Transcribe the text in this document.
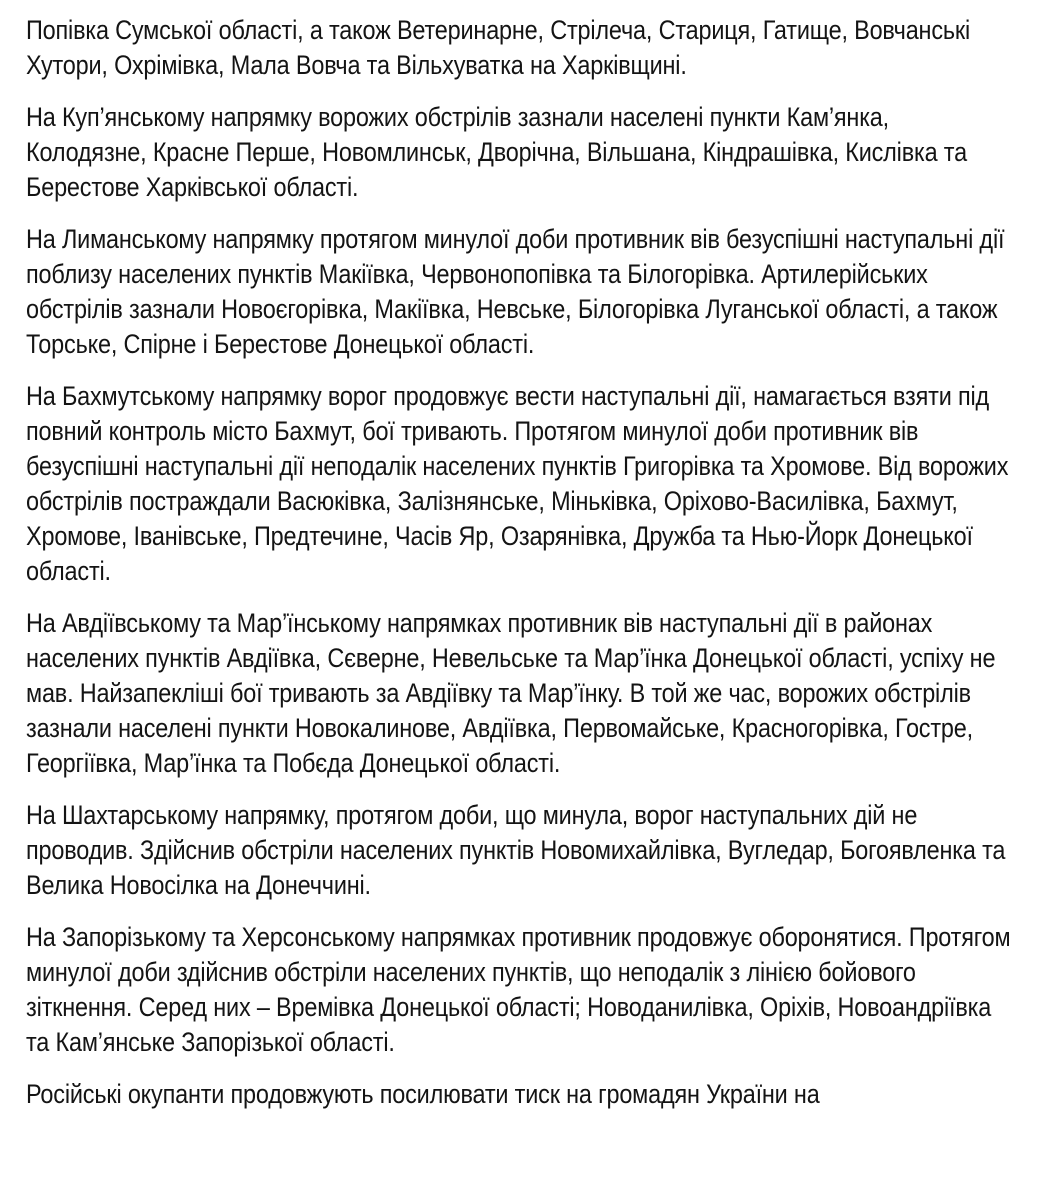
Попівка Сумської області, а також Ветеринарне, Стрілеча, Стариця, Гатище, Вовчанські Хутори, Охрімівка, Мала Вовча та Вільхуватка на Харківщині.

На Куп’янському напрямку ворожих обстрілів зазнали населені пункти Кам’янка, Колодязне, Красне Перше, Новомлинськ, Дворічна, Вільшана, Кіндрашівка, Кислівка та Берестове Харківської області.

На Лиманському напрямку протягом минулої доби противник вів безуспішні наступальні дії поблизу населених пунктів Макіївка, Червонопопівка та Білогорівка. Артилерійських обстрілів зазнали Новоєгорівка, Макіївка, Невське, Білогорівка Луганської області, а також Торське, Спірне і Берестове Донецької області.

На Бахмутському напрямку ворог продовжує вести наступальні дії, намагається взяти під повний контроль місто Бахмут, бої тривають. Протягом минулої доби противник вів безуспішні наступальні дії неподалік населених пунктів Григорівка та Хромове. Від ворожих обстрілів постраждали Васюківка, Залізнянське, Міньківка, Оріхово-Василівка, Бахмут, Хромове, Іванівське, Предтечине, Часів Яр, Озарянівка, Дружба та Нью-Йорк Донецької області.

На Авдіївському та Мар’їнському напрямках противник вів наступальні дії в районах населених пунктів Авдіївка, Сєверне, Невельське та Мар’їнка Донецької області, успіху не мав. Найзапекліші бої тривають за Авдіївку та Мар’їнку. В той же час, ворожих обстрілів зазнали населені пункти Новокалинове, Авдіївка, Первомайське, Красногорівка, Гостре, Георгіївка, Мар’їнка та Побєда Донецької області.

На Шахтарському напрямку, протягом доби, що минула, ворог наступальних дій не проводив. Здійснив обстріли населених пунктів Новомихайлівка, Вугледар, Богоявленка та Велика Новосілка на Донеччині.

На Запорізькому та Херсонському напрямках противник продовжує оборонятися. Протягом минулої доби здійснив обстріли населених пунктів, що неподалік з лінією бойового зіткнення. Серед них – Времівка Донецької області; Новоданилівка, Оріхів, Новоандріївка та Кам’янське Запорізької області.

Російські окупанти продовжують посилювати тиск на громадян України на
